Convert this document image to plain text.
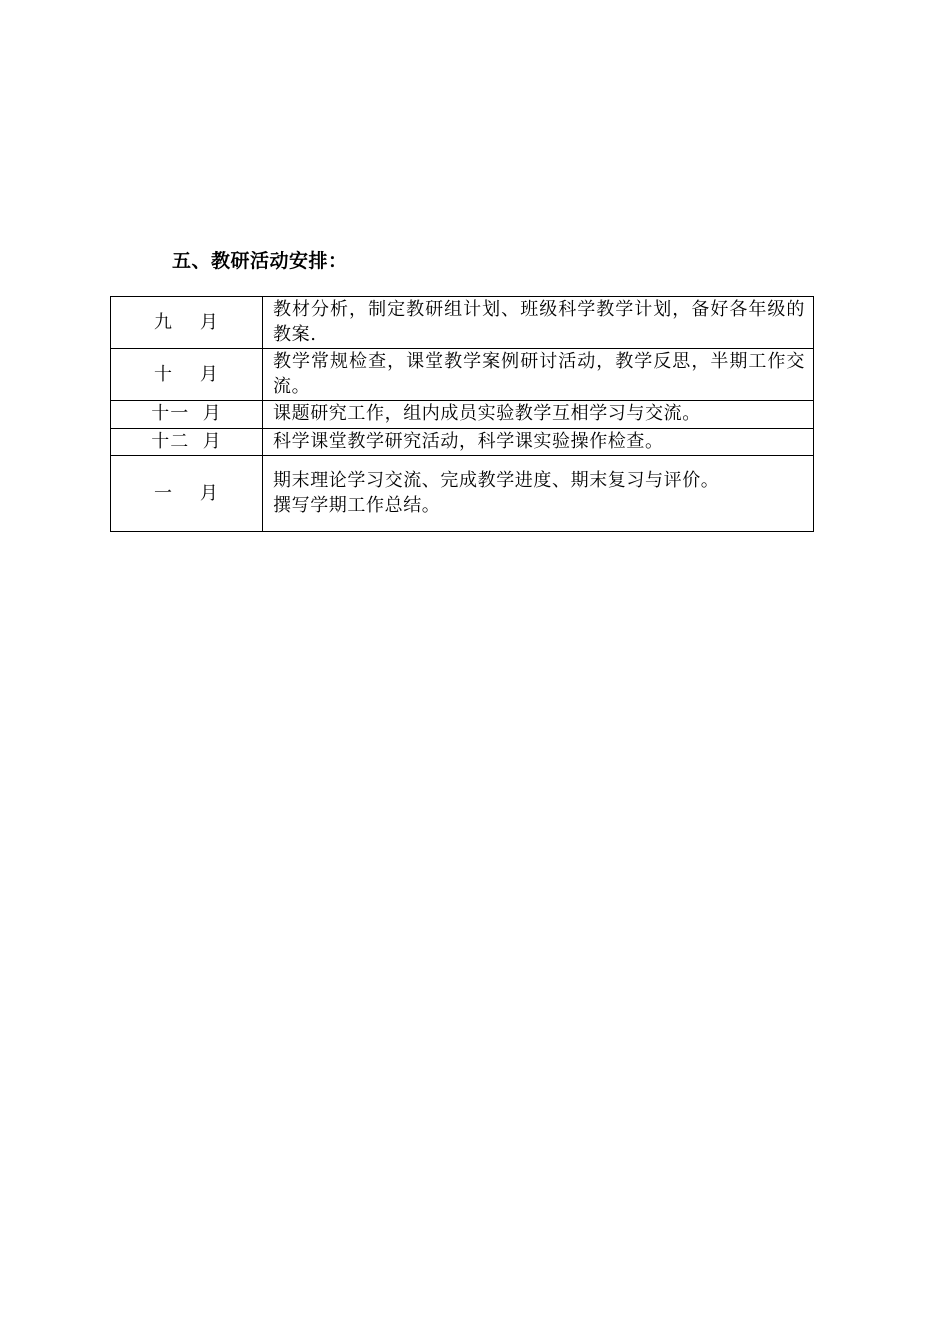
五、教研活动安排：
九    月	教材分析，制定教研组计划、班级科学教学计划，备好各年级的教案.

十    月	教学常规检查，课堂教学案例研讨活动，教学反思，半期工作交流。

十一  月	课题研究工作，组内成员实验教学互相学习与交流。

十二  月	科学课堂教学研究活动，科学课实验操作检查。

一    月	期末理论学习交流、完成教学进度、期末复习与评价。
撰写学期工作总结。
